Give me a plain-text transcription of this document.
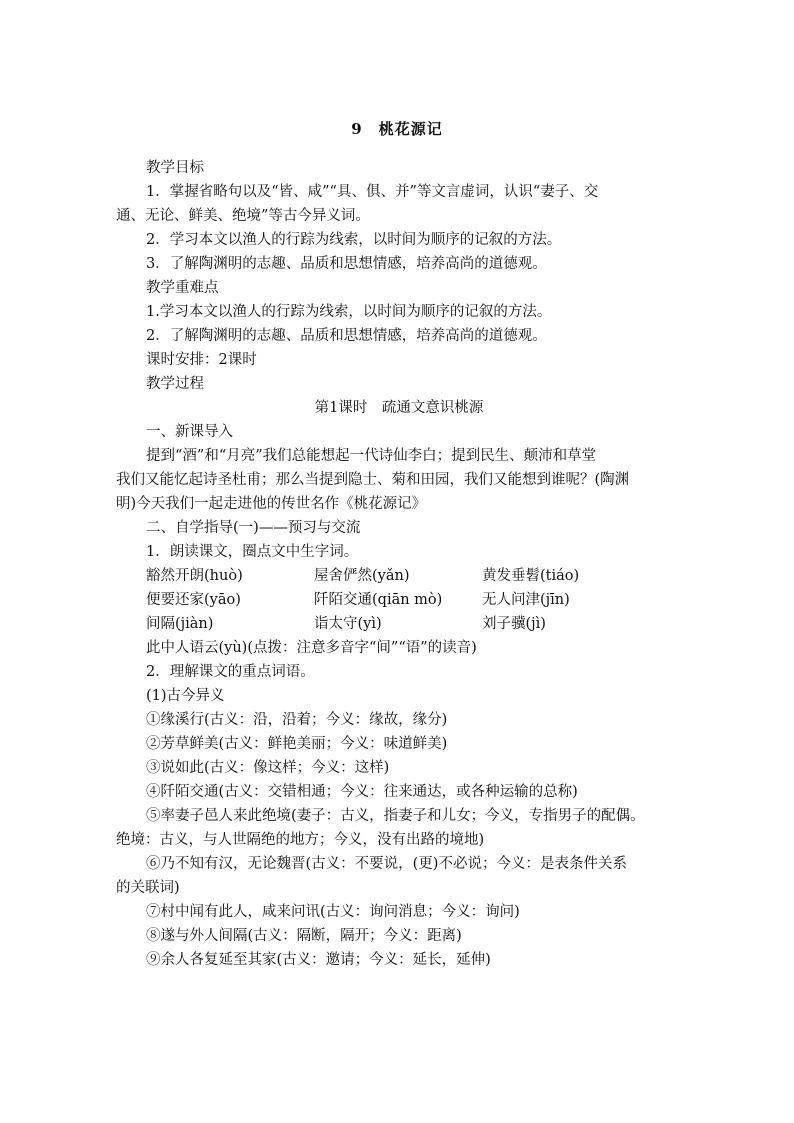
9　桃花源记

教学目标

1．掌握省略句以及“皆、咸”“具、俱、并”等文言虚词，认识“妻子、交

通、无论、鲜美、绝境”等古今异义词。

2．学习本文以渔人的行踪为线索，以时间为顺序的记叙的方法。

3．了解陶渊明的志趣、品质和思想情感，培养高尚的道德观。

教学重难点

1.学习本文以渔人的行踪为线索，以时间为顺序的记叙的方法。

2．了解陶渊明的志趣、品质和思想情感，培养高尚的道德观。

课时安排：2课时

教学过程

第1课时　疏通文意识桃源

一、新课导入

提到“酒”和“月亮”我们总能想起一代诗仙李白；提到民生、颠沛和草堂

我们又能忆起诗圣杜甫；那么当提到隐士、菊和田园，我们又能想到谁呢？(陶渊

明)今天我们一起走进他的传世名作《桃花源记》

二、自学指导(一)——预习与交流

1．朗读课文，圈点文中生字词。

豁然开朗(huò)	屋舍俨然(yǎn)	黄发垂髫(tiáo)
便要还家(yāo)	阡陌交通(qiān mò)	无人问津(jīn)
间隔(jiàn)	诣太守(yì)	刘子骥(jì)

此中人语云(yù)(点拨：注意多音字“间”“语”的读音)

2．理解课文的重点词语。

(1)古今异义

①缘溪行(古义：沿，沿着；今义：缘故，缘分)

②芳草鲜美(古义：鲜艳美丽；今义：味道鲜美)

③说如此(古义：像这样；今义：这样)

④阡陌交通(古义：交错相通；今义：往来通达，或各种运输的总称)

⑤率妻子邑人来此绝境(妻子：古义，指妻子和儿女；今义，专指男子的配偶。

绝境：古义，与人世隔绝的地方；今义，没有出路的境地)

⑥乃不知有汉，无论魏晋(古义：不要说，(更)不必说；今义：是表条件关系

的关联词)

⑦村中闻有此人，咸来问讯(古义：询问消息；今义：询问)

⑧遂与外人间隔(古义：隔断，隔开；今义：距离)

⑨余人各复延至其家(古义：邀请；今义：延长，延伸)
